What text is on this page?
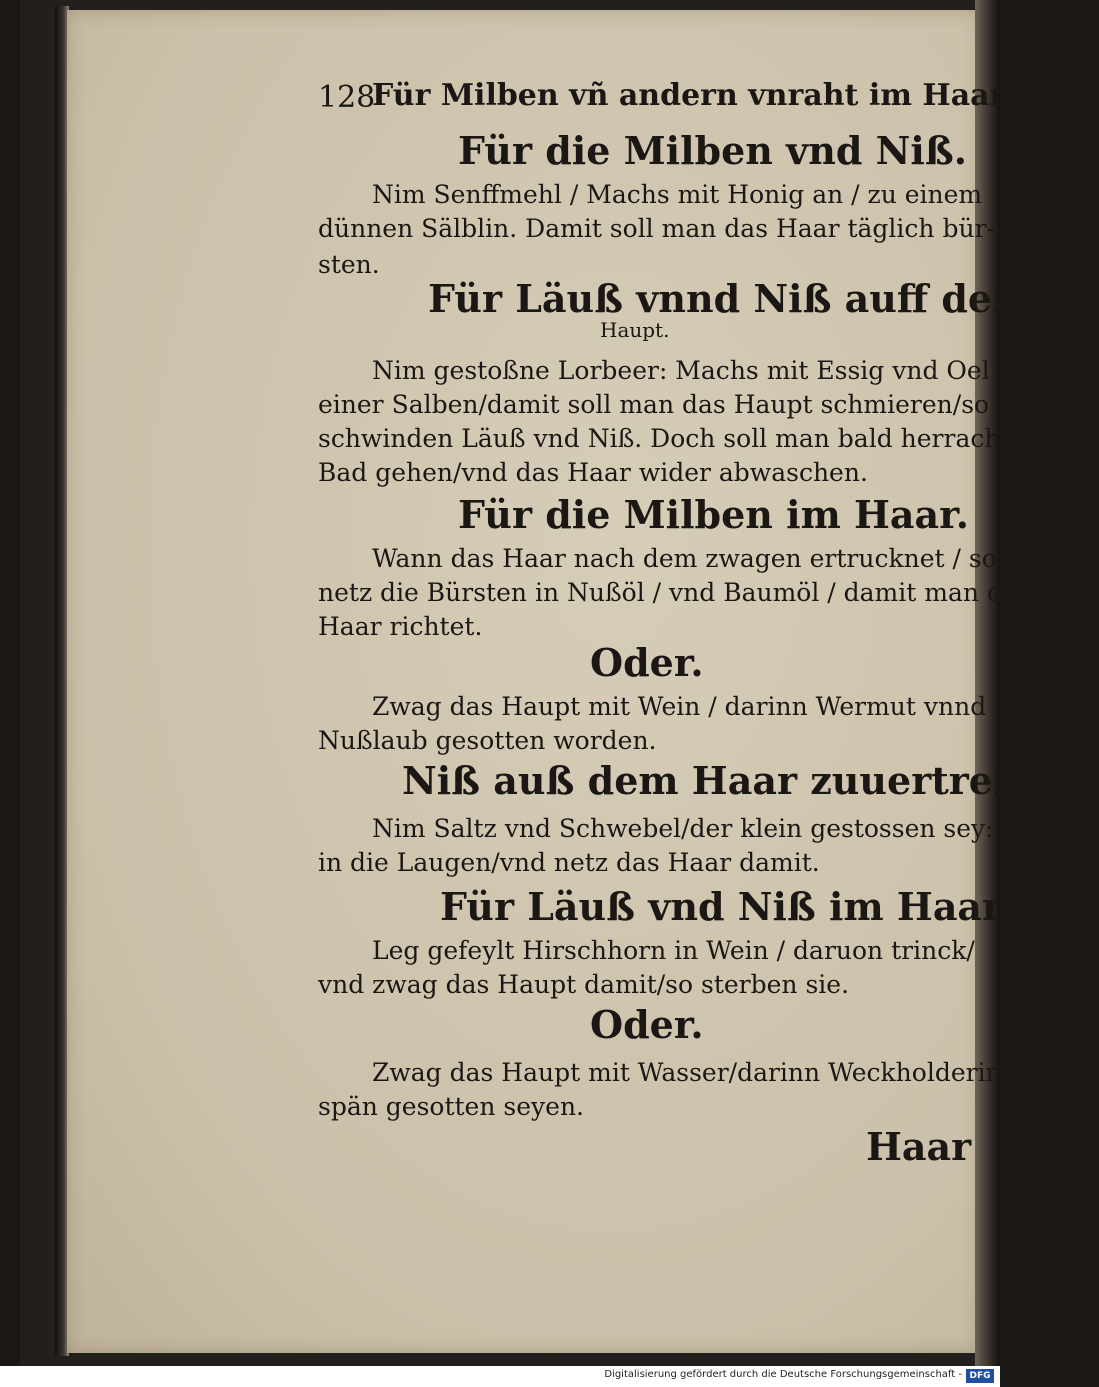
128
Für Milben vñ andern vnraht im Haar.
Für die Milben vnd Niß.
Nim Senffmehl / Machs mit Honig an / zu einem
dünnen Sälblin. Damit soll man das Haar täglich bür-
sten.
Für Läuß vnnd Niß auff dem
Haupt.
Nim gestoßne Lorbeer: Machs mit Essig vnd Oel zu
einer Salben/damit soll man das Haupt schmieren/so ver-
schwinden Läuß vnd Niß. Doch soll man bald herrach ins
Bad gehen/vnd das Haar wider abwaschen.
Für die Milben im Haar.
Wann das Haar nach dem zwagen ertrucknet / so
netz die Bürsten in Nußöl / vnd Baumöl / damit man das
Haar richtet.
Oder.
Zwag das Haupt mit Wein / darinn Wermut vnnd
Nußlaub gesotten worden.
Niß auß dem Haar zuuertreiben.
Nim Saltz vnd Schwebel/der klein gestossen sey: Legs
in die Laugen/vnd netz das Haar damit.
Für Läuß vnd Niß im Haar.
Leg gefeylt Hirschhorn in Wein / daruon trinck/
vnd zwag das Haupt damit/so sterben sie.
Oder.
Zwag das Haupt mit Wasser/darinn Weckholderin-
spän gesotten seyen.
Haar
Digitalisierung gefördert durch die Deutsche Forschungsgemeinschaft - DFG
